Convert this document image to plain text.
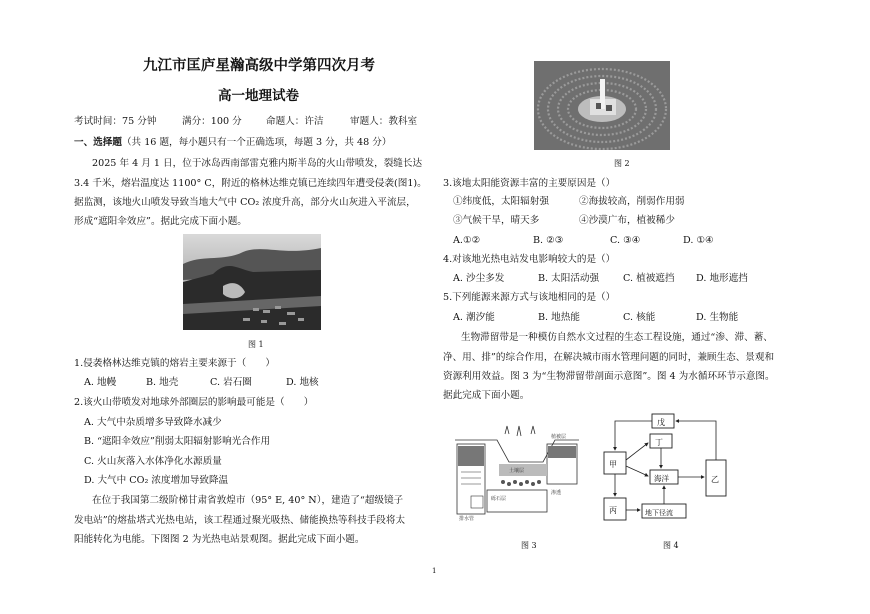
九江市匡庐星瀚高级中学第四次月考
高一地理试卷
考试时间：75 分钟	满分：100 分	命题人：许洁	审题人：教科室
一、选择题（共 16 题，每小题只有一个正确选项，每题 3 分，共 48 分）
2025 年 4 月 1 日，位于冰岛西南部雷克雅内斯半岛的火山带喷发，裂缝长达
3.4 千米，熔岩温度达 1100° C，附近的格林达维克镇已连续四年遭受侵袭(图1)。
据监测，该地火山喷发导致当地大气中 CO₂ 浓度升高，部分火山灰进入平流层，
形成“遮阳伞效应”。据此完成下面小题。
图 1
1.侵袭格林达维克镇的熔岩主要来源于（　　）
A. 地幔	B. 地壳	C. 岩石圈	D. 地核
2.该火山带喷发对地球外部圈层的影响最可能是（　　）
A. 大气中杂质增多导致降水减少
B. “遮阳伞效应”削弱太阳辐射影响光合作用
C. 火山灰落入水体净化水源质量
D. 大气中 CO₂ 浓度增加导致降温
在位于我国第二级阶梯甘肃省敦煌市（95° E, 40° N），建造了“超级镜子
发电站”的熔盐塔式光热电站，该工程通过聚光吸热、储能换热等科技手段将太
阳能转化为电能。下图图 2 为光热电站景观图。据此完成下面小题。
图 2
3.该地太阳能资源丰富的主要原因是（）
①纬度低，太阳辐射强	②海拔较高，削弱作用弱
③气候干旱，晴天多	④沙漠广布，植被稀少
A.①②	B. ②③	C. ③④	D. ①④
4.对该地光热电站发电影响较大的是（）
A. 沙尘多发	B. 太阳活动强 C. 植被遮挡 D. 地形遮挡
5.下列能源来源方式与该地相同的是（）
A. 潮汐能	B. 地热能	C. 核能	D. 生物能
生物滞留带是一种模仿自然水文过程的生态工程设施，通过“渗、滞、蓄、
净、用、排”的综合作用，在解决城市雨水管理问题的同时，兼顾生态、景观和
资源利用效益。图 3 为“生物滞留带剖面示意图”。图 4 为水循环环节示意图。
据此完成下面小题。
排水管
砾石层
土壤层
植被层
渗透
图 3
戊
丁
甲
海洋	乙
丙	地下径流
图 4
1
